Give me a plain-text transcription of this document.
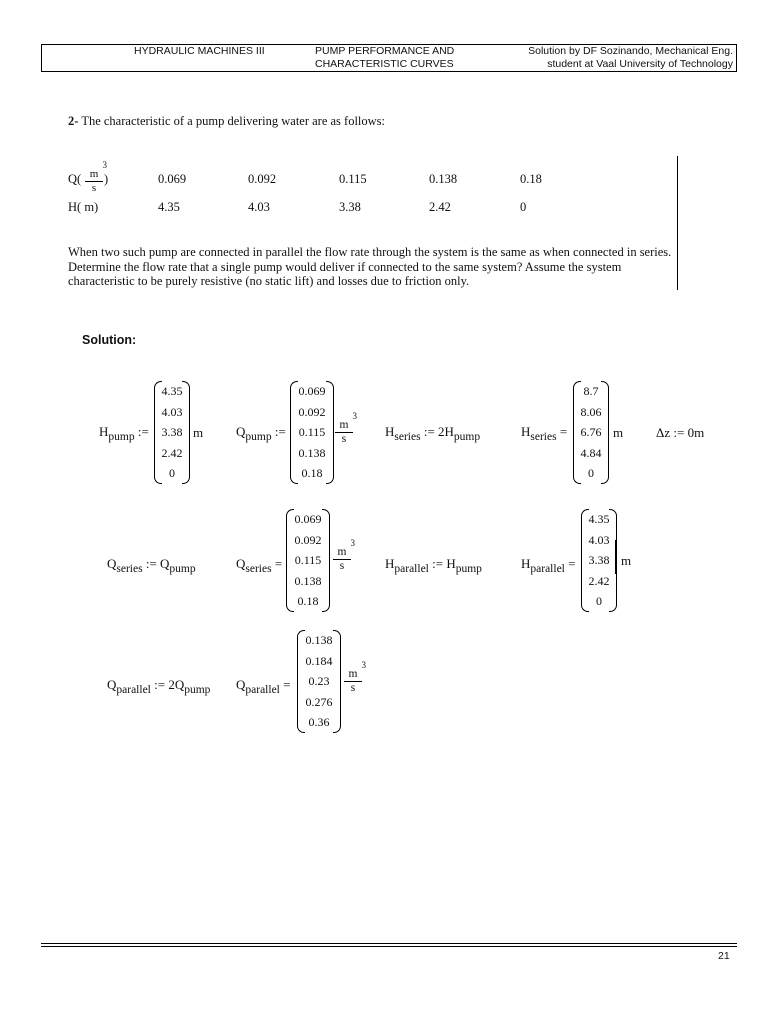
HYDRAULIC MACHINES III	PUMP PERFORMANCE AND
CHARACTERISTIC CURVES
Solution by DF Sozinando, Mechanical Eng.
student at Vaal University of Technology
2- The characteristic of a pump delivering water are as follows:
Q( m
3
s )	0.069	0.092	0.115	0.138	0.18
H( m)	4.35	4.03	3.38	2.42	0
When two such pump are connected in parallel the flow rate through the system is the same as when connected in series. Determine the flow rate that a single pump would deliver if connected to the same system? Assume the system characteristic to be purely resistive (no static lift) and losses due to friction only.
Solution:
$H_{pump}$ :=
4.35
4.03
3.38
2.42
0
m	$Q_{pump}$ :=
0.069
0.092
0.115
0.138
0.18
m
3
s $H_{series}$ := $2H_{pump}$	$H_{series}$ =
8.7
8.06
6.76
4.84
0
m	Δz := 0m
$Q_{series}$ := $Q_{pump}$	$Q_{series}$ =
0.069
0.092
0.115
0.138
0.18
m
3
s	$H_{parallel}$ := $H_{pump}$	$H_{parallel}$ =
4.35
4.03
3.38
2.42
0
m
$Q_{parallel}$ := $2Q_{pump}$ $Q_{parallel}$ =
0.138
0.184
0.23
0.276
0.36
m
3
s
21
